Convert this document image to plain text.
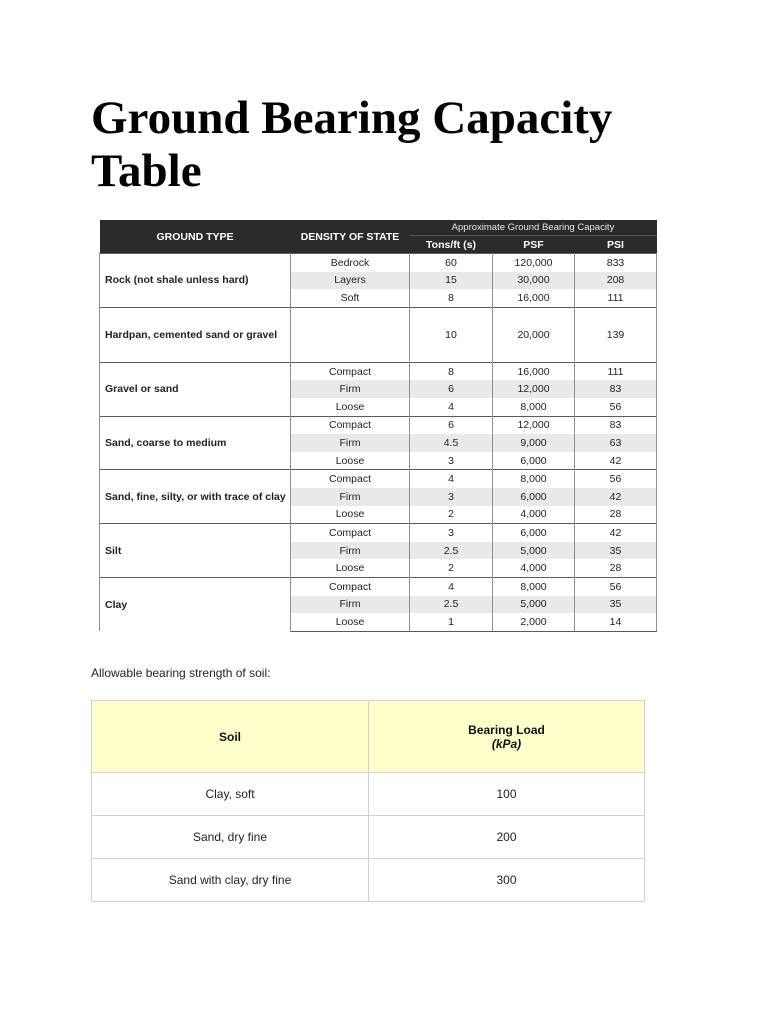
Ground Bearing Capacity Table
GROUND TYPE	DENSITY OF STATE	Approximate Ground Bearing Capacity		
		Tons/ft (s)	PSF	PSI
Rock (not shale unless hard)	Bedrock	60	120,000	833
	Layers	15	30,000	208
	Soft	8	16,000	111
Hardpan, cemented sand or gravel		10	20,000	139
Gravel or sand	Compact	8	16,000	111
	Firm	6	12,000	83
	Loose	4	8,000	56
Sand, coarse to medium	Compact	6	12,000	83
	Firm	4.5	9,000	63
	Loose	3	6,000	42
Sand, fine, silty, or with trace of clay	Compact	4	8,000	56
	Firm	3	6,000	42
	Loose	2	4,000	28
Silt	Compact	3	6,000	42
	Firm	2.5	5,000	35
	Loose	2	4,000	28
Clay	Compact	4	8,000	56
	Firm	2.5	5,000	35
	Loose	1	2,000	14

Allowable bearing strength of soil:

Soil	Bearing Load
(kPa)

Clay, soft	100
Sand, dry fine	200
Sand with clay, dry fine	300
